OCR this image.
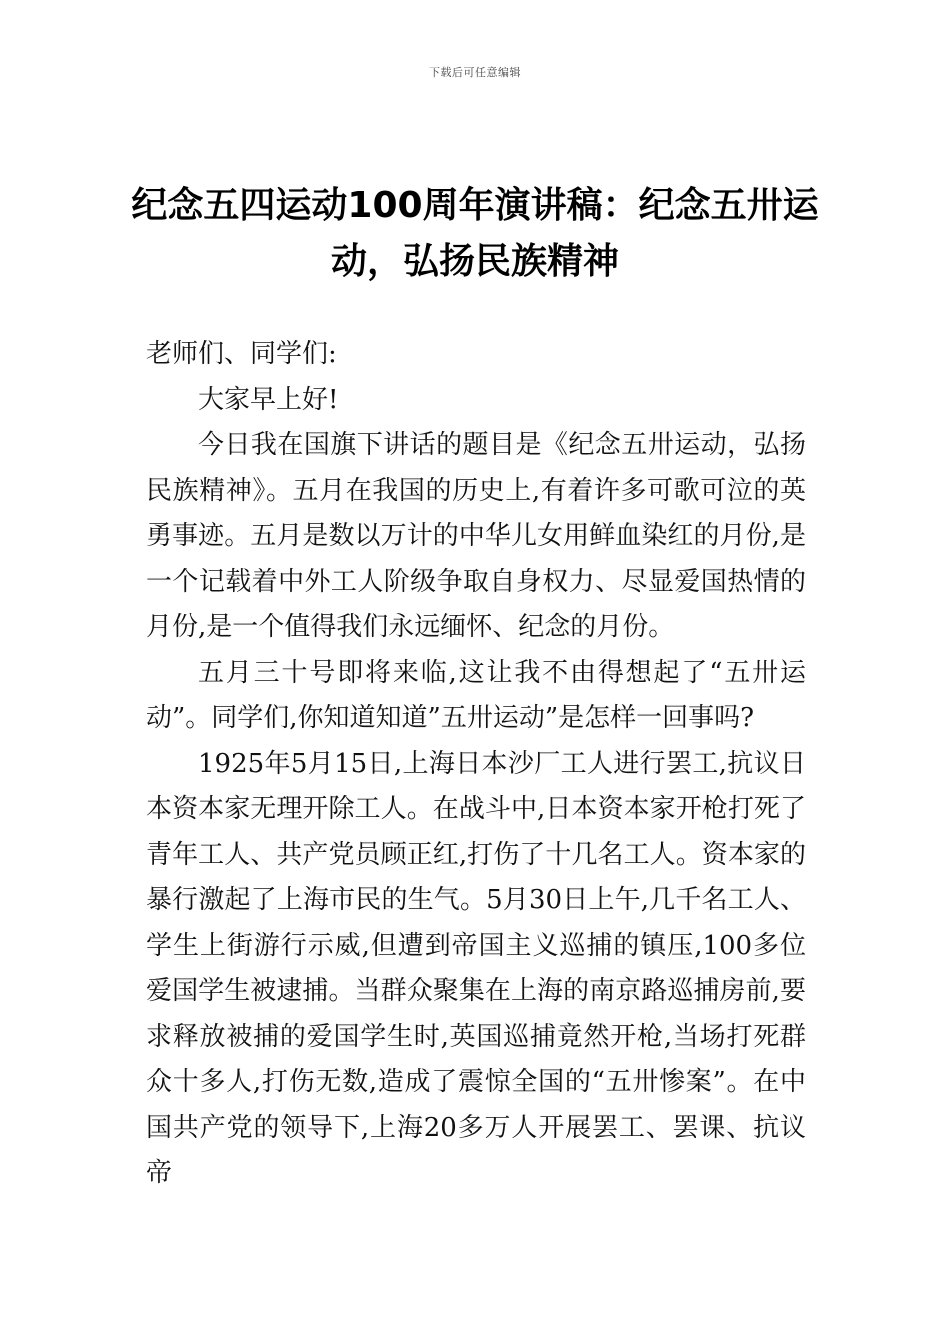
下载后可任意编辑
纪念五四运动100周年演讲稿：纪念五卅运动，弘扬民族精神

老师们、同学们:

大家早上好!

今日我在国旗下讲话的题目是《纪念五卅运动，弘扬民族精神》。五月在我国的历史上,有着许多可歌可泣的英勇事迹。五月是数以万计的中华儿女用鲜血染红的月份,是一个记载着中外工人阶级争取自身权力、尽显爱国热情的月份,是一个值得我们永远缅怀、纪念的月份。

五月三十号即将来临,这让我不由得想起了“五卅运动”。同学们,你知道知道”五卅运动”是怎样一回事吗?

1925年5月15日,上海日本沙厂工人进行罢工,抗议日本资本家无理开除工人。在战斗中,日本资本家开枪打死了青年工人、共产党员顾正红,打伤了十几名工人。资本家的暴行激起了上海市民的生气。5月30日上午,几千名工人、学生上街游行示威,但遭到帝国主义巡捕的镇压,100多位爱国学生被逮捕。当群众聚集在上海的南京路巡捕房前,要求释放被捕的爱国学生时,英国巡捕竟然开枪,当场打死群众十多人,打伤无数,造成了震惊全国的“五卅惨案”。在中国共产党的领导下,上海20多万人开展罢工、罢课、抗议帝
